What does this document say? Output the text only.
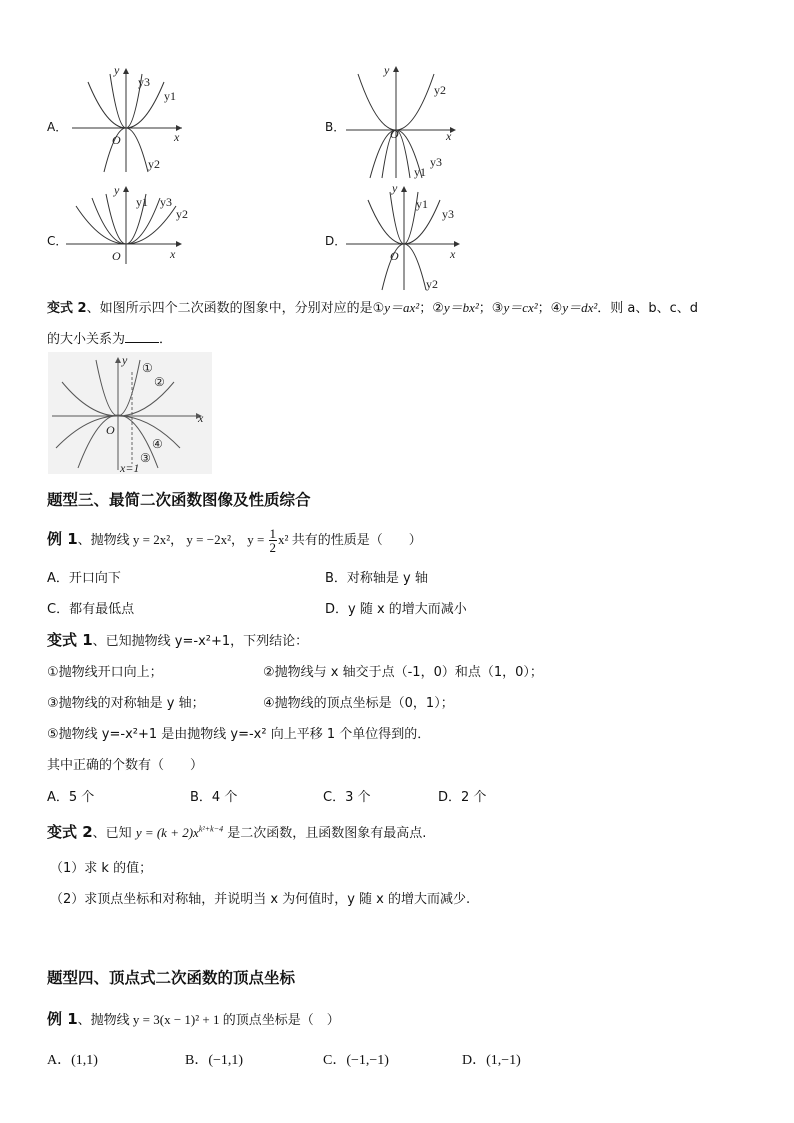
A．
y
x
O
y3
y1
y2
B．
y
x
O
y2
y3
y1
C．
y
x
O
y1 y3
y2
D．
y
x
O
y1
y3
y2
变式 2、如图所示四个二次函数的图象中，分别对应的是①y＝ax²；②y＝bx²；③y＝cx²；④y＝dx²．则 a、b、c、d
的大小关系为	．
y
x
O
①
②
③
④
x=1
题型三、最简二次函数图像及性质综合
例 1、抛物线 y = 2x²， y = −2x²， $y = \frac{1}{2} x^2$ 共有的性质是（　　）
A．开口向下	B．对称轴是 y 轴
C．都有最低点	D．y 随 x 的增大而减小
变式 1、已知抛物线 y=-x²+1，下列结论：
①抛物线开口向上；	②抛物线与 x 轴交于点（-1，0）和点（1，0）；
③抛物线的对称轴是 y 轴；	④抛物线的顶点坐标是（0，1）；
⑤抛物线 y=-x²+1 是由抛物线 y=-x² 向上平移 1 个单位得到的．
其中正确的个数有（　　）
A．5 个	B．4 个	C．3 个	D．2 个
变式 2、已知 $y = (k + 2)x^{k^2+k-4}$ 是二次函数，且函数图象有最高点.
（1）求 k 的值；
（2）求顶点坐标和对称轴，并说明当 x 为何值时，y 随 x 的增大而减少.
题型四、顶点式二次函数的顶点坐标
例 1、抛物线 y = 3(x − 1)² + 1 的顶点坐标是（　）
A．(1,1)	B．(−1,1)	C．(−1,−1)	D．(1,−1)
